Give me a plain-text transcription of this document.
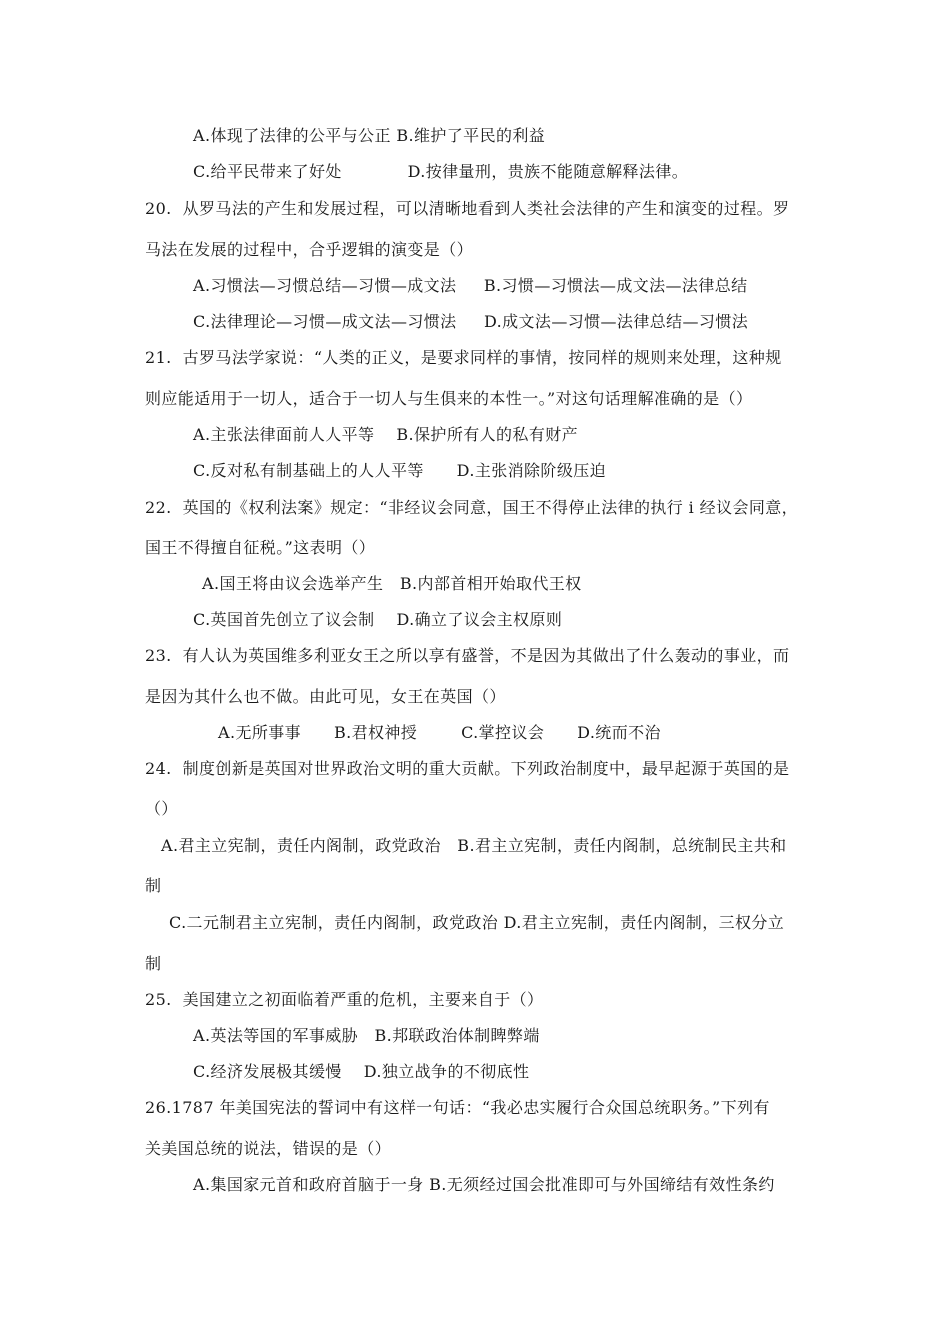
A.体现了法律的公平与公正 B.维护了平民的利益
C.给平民带来了好处            D.按律量刑，贵族不能随意解释法律。
20.  从罗马法的产生和发展过程，可以清晰地看到人类社会法律的产生和演变的过程。罗
马法在发展的过程中，合乎逻辑的演变是（）
A.习惯法—习惯总结—习惯—成文法     B.习惯—习惯法—成文法—法律总结
C.法律理论—习惯—成文法—习惯法     D.成文法—习惯—法律总结—习惯法
21.  古罗马法学家说：“人类的正义，是要求同样的事情，按同样的规则来处理，这种规
则应能适用于一切人，适合于一切人与生俱来的本性一。”对这句话理解准确的是（）
A.主张法律面前人人平等    B.保护所有人的私有财产
C.反对私有制基础上的人人平等      D.主张消除阶级压迫
22.  英国的《权利法案》规定：“非经议会同意，国王不得停止法律的执行 i 经议会同意，
国王不得擅自征税。”这表明（）
A.国王将由议会选举产生   B.内部首相开始取代王权
C.英国首先创立了议会制    D.确立了议会主权原则
23.  有人认为英国维多利亚女王之所以享有盛誉，不是因为其做出了什么轰动的事业，而
是因为其什么也不做。由此可见，女王在英国（）
A.无所事事      B.君权神授        C.掌控议会      D.统而不治
24.  制度创新是英国对世界政治文明的重大贡献。下列政治制度中，最早起源于英国的是
（）
A.君主立宪制，责任内阁制，政党政治   B.君主立宪制，责任内阁制，总统制民主共和
制
C.二元制君主立宪制，责任内阁制，政党政治 D.君主立宪制，责任内阁制，三权分立
制
25.  美国建立之初面临着严重的危机，主要来自于（）
A.英法等国的军事威胁   B.邦联政治体制睥弊端
C.经济发展极其缓慢    D.独立战争的不彻底性
26.1787 年美国宪法的誓词中有这样一句话：“我必忠实履行合众国总统职务。”下列有
关美国总统的说法，错误的是（）
A.集国家元首和政府首脑于一身 B.无须经过国会批准即可与外国缔结有效性条约
